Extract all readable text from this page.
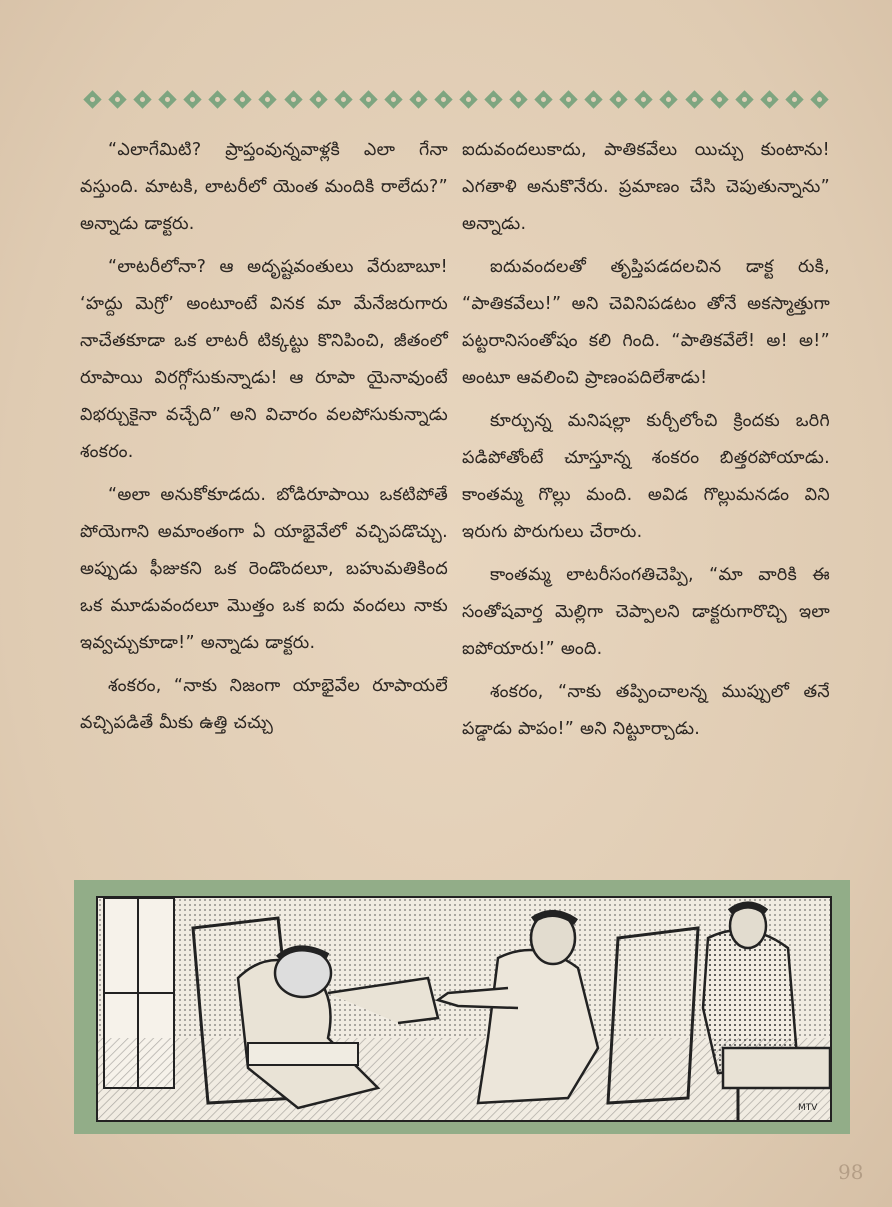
“ఎలాగేమిటి? ప్రాప్తంవున్నవాళ్లకి ఎలా గేనా వస్తుంది. మాటకి, లాటరీలో యెంత మందికి రాలేదు?” అన్నాడు డాక్టరు.

“లాటరీలోనా? ఆ అదృష్టవంతులు వేరుబాబూ! ‘హద్దు మెగ్రో’ అంటూంటే వినక మా మేనేజరుగారు నాచేతకూడా ఒక లాటరీ టిక్కట్టు కొనిపించి, జీతంలో రూపాయి విరగ్గోసుకున్నాడు! ఆ రూపా యైనావుంటే విభర్చుకైనా వచ్చేది” అని విచారం వలపోసుకున్నాడు శంకరం.

“అలా అనుకోకూడదు. బోడిరూపాయి ఒకటిపోతే పోయెగాని అమాంతంగా ఏ యాభైవేలో వచ్చిపడొచ్చు. అప్పుడు ఫీజుకని ఒక రెండొందలూ, బహుమతికింద ఒక మూడువందలూ మొత్తం ఒక ఐదు వందలు నాకు ఇవ్వచ్చుకూడా!” అన్నాడు డాక్టరు.

శంకరం, “నాకు నిజంగా యాభైవేల రూపాయలే వచ్చిపడితే మీకు ఉత్తి చచ్చు

ఐదువందలుకాదు, పాతికవేలు యిచ్చు కుంటాను! ఎగతాళి అనుకొనేరు. ప్రమాణం చేసి చెపుతున్నాను” అన్నాడు.

ఐదువందలతో తృప్తిపడదలచిన డాక్ట రుకి, “పాతికవేలు!” అని చెవినిపడటం తోనే అకస్మాత్తుగా పట్టరానిసంతోషం కలి గింది. “పాతికవేలే! అ! అ!” అంటూ ఆవలించి ప్రాణంపదిలేశాడు!

కూర్చున్న మనిషల్లా కుర్చీలోంచి క్రిందకు ఒరిగి పడిపోతోంటే చూస్తూన్న శంకరం బిత్తరపోయాడు. కాంతమ్మ గొల్లు మంది. అవిడ గొల్లుమనడం విని ఇరుగు పొరుగులు చేరారు.

కాంతమ్మ లాటరీసంగతిచెప్పి, “మా వారికి ఈ సంతోషవార్త మెల్లిగా చెప్పాలని డాక్టరుగారొచ్చి ఇలా ఐపోయారు!” అంది.

శంకరం, “నాకు తప్పించాలన్న ముప్పులో తనే పడ్డాడు పాపం!” అని నిట్టూర్చాడు.

MTV
98
